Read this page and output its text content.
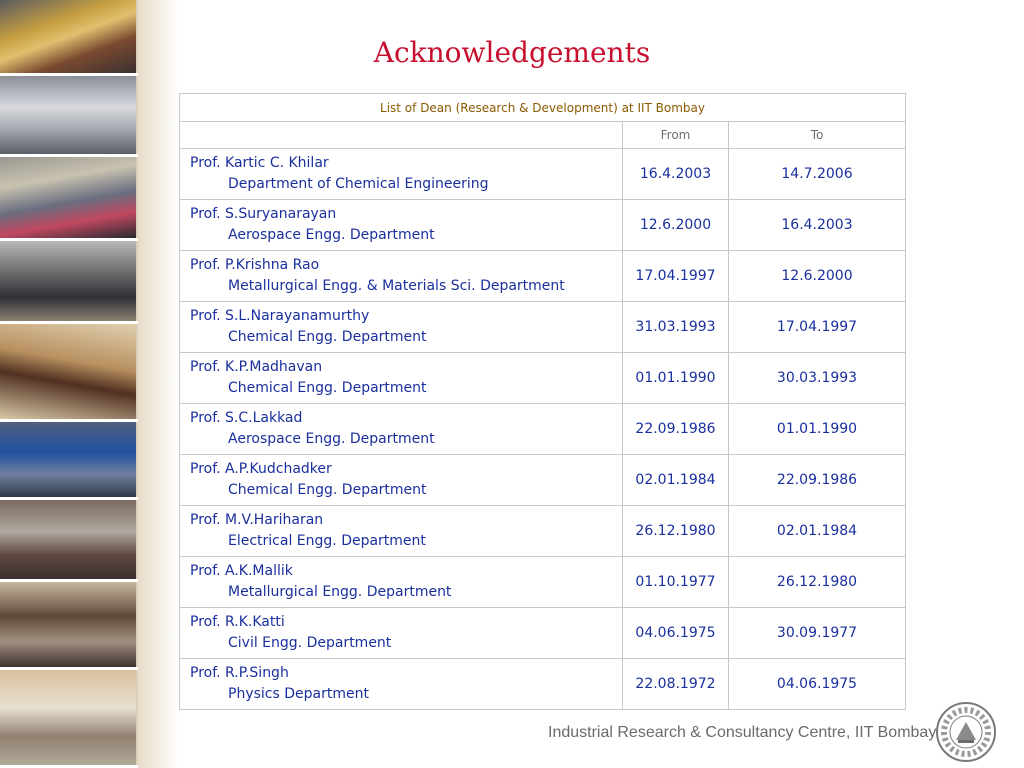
Acknowledgements
List of Dean (Research & Development) at IIT Bombay		
	From	To
Prof. Kartic C. Khilar
Department of Chemical Engineering	16.4.2003	14.7.2006
Prof. S.Suryanarayan
Aerospace Engg. Department	12.6.2000	16.4.2003
Prof. P.Krishna Rao
Metallurgical Engg. & Materials Sci. Department	17.04.1997	12.6.2000
Prof. S.L.Narayanamurthy
Chemical Engg. Department	31.03.1993	17.04.1997
Prof. K.P.Madhavan
Chemical Engg. Department	01.01.1990	30.03.1993
Prof. S.C.Lakkad
Aerospace Engg. Department	22.09.1986	01.01.1990
Prof. A.P.Kudchadker
Chemical Engg. Department	02.01.1984	22.09.1986
Prof. M.V.Hariharan
Electrical Engg. Department	26.12.1980	02.01.1984
Prof. A.K.Mallik
Metallurgical Engg. Department	01.10.1977	26.12.1980
Prof. R.K.Katti
Civil Engg. Department	04.06.1975	30.09.1977
Prof. R.P.Singh
Physics Department	22.08.1972	04.06.1975
Industrial Research & Consultancy Centre, IIT Bombay
